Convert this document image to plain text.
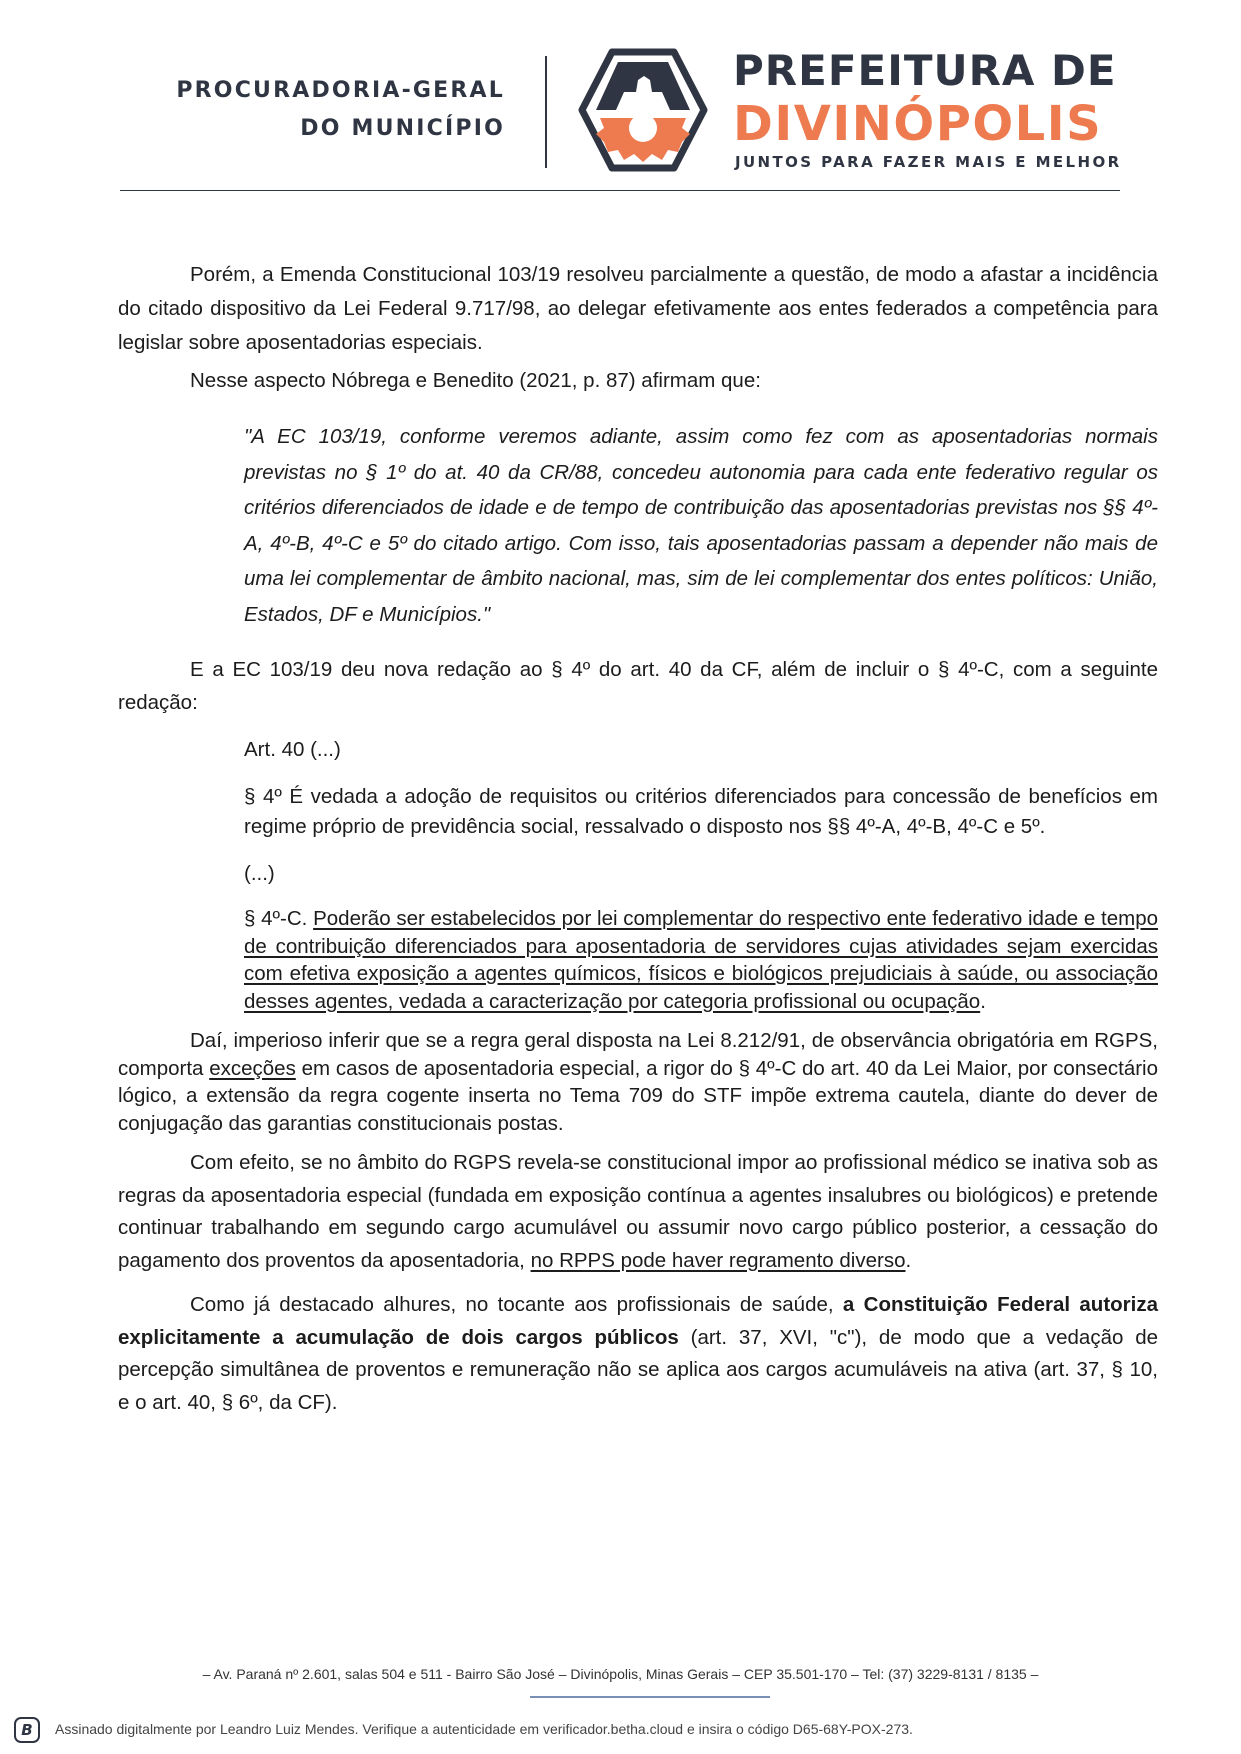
PROCURADORIA-GERAL
DO MUNICÍPIO
PREFEITURA DE
DIVINÓPOLIS
JUNTOS PARA FAZER MAIS E MELHOR

Porém, a Emenda Constitucional 103/19 resolveu parcialmente a questão, de modo a afastar a incidência do citado dispositivo da Lei Federal 9.717/98, ao delegar efetivamente aos entes federados a competência para legislar sobre aposentadorias especiais.

Nesse aspecto Nóbrega e Benedito (2021, p. 87) afirmam que:

"A EC 103/19, conforme veremos adiante, assim como fez com as aposentadorias normais previstas no § 1º do at. 40 da CR/88, concedeu autonomia para cada ente federativo regular os critérios diferenciados de idade e de tempo de contribuição das aposentadorias previstas nos §§ 4º-A, 4º-B, 4º-C e 5º do citado artigo. Com isso, tais aposentadorias passam a depender não mais de uma lei complementar de âmbito nacional, mas, sim de lei complementar dos entes políticos: União, Estados, DF e Municípios."

E a EC 103/19 deu nova redação ao § 4º do art. 40 da CF, além de incluir o § 4º-C, com a seguinte redação:

Art. 40 (...)

§ 4º É vedada a adoção de requisitos ou critérios diferenciados para concessão de benefícios em regime próprio de previdência social, ressalvado o disposto nos §§ 4º-A, 4º-B, 4º-C e 5º.

(...)

§ 4º-C. Poderão ser estabelecidos por lei complementar do respectivo ente federativo idade e tempo de contribuição diferenciados para aposentadoria de servidores cujas atividades sejam exercidas com efetiva exposição a agentes químicos, físicos e biológicos prejudiciais à saúde, ou associação desses agentes, vedada a caracterização por categoria profissional ou ocupação.

Daí, imperioso inferir que se a regra geral disposta na Lei 8.212/91, de observância obrigatória em RGPS, comporta exceções em casos de aposentadoria especial, a rigor do § 4º-C do art. 40 da Lei Maior, por consectário lógico, a extensão da regra cogente inserta no Tema 709 do STF impõe extrema cautela, diante do dever de conjugação das garantias constitucionais postas.

Com efeito, se no âmbito do RGPS revela-se constitucional impor ao profissional médico se inativa sob as regras da aposentadoria especial (fundada em exposição contínua a agentes insalubres ou biológicos) e pretende continuar trabalhando em segundo cargo acumulável ou assumir novo cargo público posterior, a cessação do pagamento dos proventos da aposentadoria, no RPPS pode haver regramento diverso.

Como já destacado alhures, no tocante aos profissionais de saúde, a Constituição Federal autoriza explicitamente a acumulação de dois cargos públicos (art. 37, XVI, "c"), de modo que a vedação de percepção simultânea de proventos e remuneração não se aplica aos cargos acumuláveis na ativa (art. 37, § 10, e o art. 40, § 6º, da CF).

– Av. Paraná nº 2.601, salas 504 e 511 - Bairro São José – Divinópolis, Minas Gerais – CEP 35.501-170 – Tel: (37) 3229-8131 / 8135 –
B	Assinado digitalmente por Leandro Luiz Mendes. Verifique a autenticidade em verificador.betha.cloud e insira o código D65-68Y-POX-273.
